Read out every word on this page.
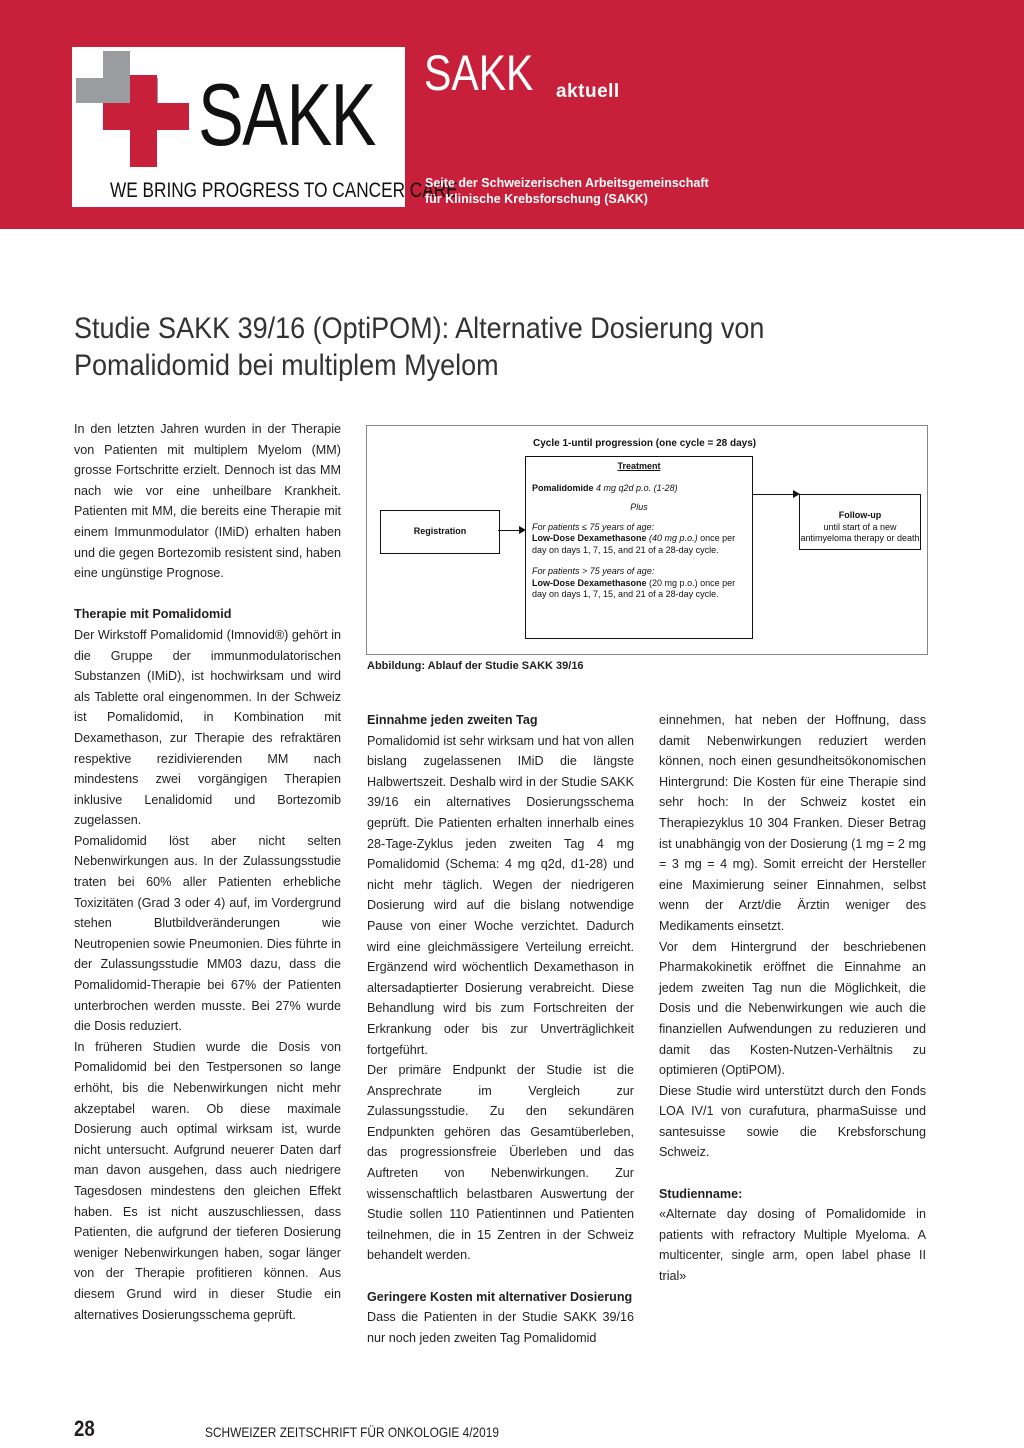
SAKK
WE BRING PROGRESS TO CANCER CARE
SAKK aktuell
Seite der Schweizerischen Arbeitsgemeinschaft
für Klinische Krebsforschung (SAKK)
Studie SAKK 39/16 (OptiPOM): Alternative Dosierung von Pomalidomid bei multiplem Myelom

In den letzten Jahren wurden in der Therapie von Patienten mit multiplem Myelom (MM) grosse Fortschritte erzielt. Dennoch ist das MM nach wie vor eine unheilbare Krankheit. Patienten mit MM, die bereits eine Therapie mit einem Immunmodulator (IMiD) erhalten haben und die gegen Bortezomib resistent sind, haben eine ungünstige Prognose.

Therapie mit Pomalidomid

Der Wirkstoff Pomalidomid (Imnovid®) gehört in die Gruppe der immunmodulatorischen Substanzen (IMiD), ist hochwirksam und wird als Tablette oral eingenommen. In der Schweiz ist Pomalidomid, in Kombination mit Dexamethason, zur Therapie des refraktären respektive rezidivierenden MM nach mindestens zwei vorgängigen Therapien inklusive Lenalidomid und Bortezomib zugelassen.

Pomalidomid löst aber nicht selten Nebenwirkungen aus. In der Zulassungsstudie traten bei 60% aller Patienten erhebliche Toxizitäten (Grad 3 oder 4) auf, im Vordergrund stehen Blutbildveränderungen wie Neutropenien sowie Pneumonien. Dies führte in der Zulassungsstudie MM03 dazu, dass die Pomalidomid-Therapie bei 67% der Patienten unterbrochen werden musste. Bei 27% wurde die Dosis reduziert.

In früheren Studien wurde die Dosis von Pomalidomid bei den Testpersonen so lange erhöht, bis die Nebenwirkungen nicht mehr akzeptabel waren. Ob diese maximale Dosierung auch optimal wirksam ist, wurde nicht untersucht. Aufgrund neuerer Daten darf man davon ausgehen, dass auch niedrigere Tagesdosen mindestens den gleichen Effekt haben. Es ist nicht auszuschliessen, dass Patienten, die aufgrund der tieferen Dosierung weniger Nebenwirkungen haben, sogar länger von der Therapie profitieren können. Aus diesem Grund wird in dieser Studie ein alternatives Dosierungsschema geprüft.

Cycle 1-until progression (one cycle = 28 days)
Registration
Treatment
Pomalidomide 4 mg q2d p.o. (1-28)
Plus
For patients ≤ 75 years of age:
Low-Dose Dexamethasone (40 mg p.o.) once per day on days 1, 7, 15, and 21 of a 28-day cycle.
For patients > 75 years of age:
Low-Dose Dexamethasone (20 mg p.o.) once per day on days 1, 7, 15, and 21 of a 28-day cycle.
Follow-up
until start of a new antimyeloma therapy or death
Abbildung: Ablauf der Studie SAKK 39/16
Einnahme jeden zweiten Tag

Pomalidomid ist sehr wirksam und hat von allen bislang zugelassenen IMiD die längste Halbwertszeit. Deshalb wird in der Studie SAKK 39/16 ein alternatives Dosierungsschema geprüft. Die Patienten erhalten innerhalb eines 28-Tage-Zyklus jeden zweiten Tag 4 mg Pomalidomid (Schema: 4 mg q2d, d1-28) und nicht mehr täglich. Wegen der niedrigeren Dosierung wird auf die bislang notwendige Pause von einer Woche verzichtet. Dadurch wird eine gleichmässigere Verteilung erreicht. Ergänzend wird wöchentlich Dexamethason in altersadaptierter Dosierung verabreicht. Diese Behandlung wird bis zum Fortschreiten der Erkrankung oder bis zur Unverträglichkeit fortgeführt.

Der primäre Endpunkt der Studie ist die Ansprechrate im Vergleich zur Zulassungsstudie. Zu den sekundären Endpunkten gehören das Gesamtüberleben, das progressionsfreie Überleben und das Auftreten von Nebenwirkungen. Zur wissenschaftlich belastbaren Auswertung der Studie sollen 110 Patientinnen und Patienten teilnehmen, die in 15 Zentren in der Schweiz behandelt werden.

Geringere Kosten mit alternativer Dosierung

Dass die Patienten in der Studie SAKK 39/16 nur noch jeden zweiten Tag Pomalidomid

einnehmen, hat neben der Hoffnung, dass damit Nebenwirkungen reduziert werden können, noch einen gesundheitsökonomischen Hintergrund: Die Kosten für eine Therapie sind sehr hoch: In der Schweiz kostet ein Therapiezyklus 10 304 Franken. Dieser Betrag ist unabhängig von der Dosierung (1 mg = 2 mg = 3 mg = 4 mg). Somit erreicht der Hersteller eine Maximierung seiner Einnahmen, selbst wenn der Arzt/die Ärztin weniger des Medikaments einsetzt.

Vor dem Hintergrund der beschriebenen Pharmakokinetik eröffnet die Einnahme an jedem zweiten Tag nun die Möglichkeit, die Dosis und die Nebenwirkungen wie auch die finanziellen Aufwendungen zu reduzieren und damit das Kosten-Nutzen-Verhältnis zu optimieren (OptiPOM).

Diese Studie wird unterstützt durch den Fonds LOA IV/1 von curafutura, pharmaSuisse und santesuisse sowie die Krebsforschung Schweiz.

Studienname:

«Alternate day dosing of Pomalidomide in patients with refractory Multiple Myeloma. A multicenter, single arm, open label phase II trial»

28	SCHWEIZER ZEITSCHRIFT FÜR ONKOLOGIE 4/2019
